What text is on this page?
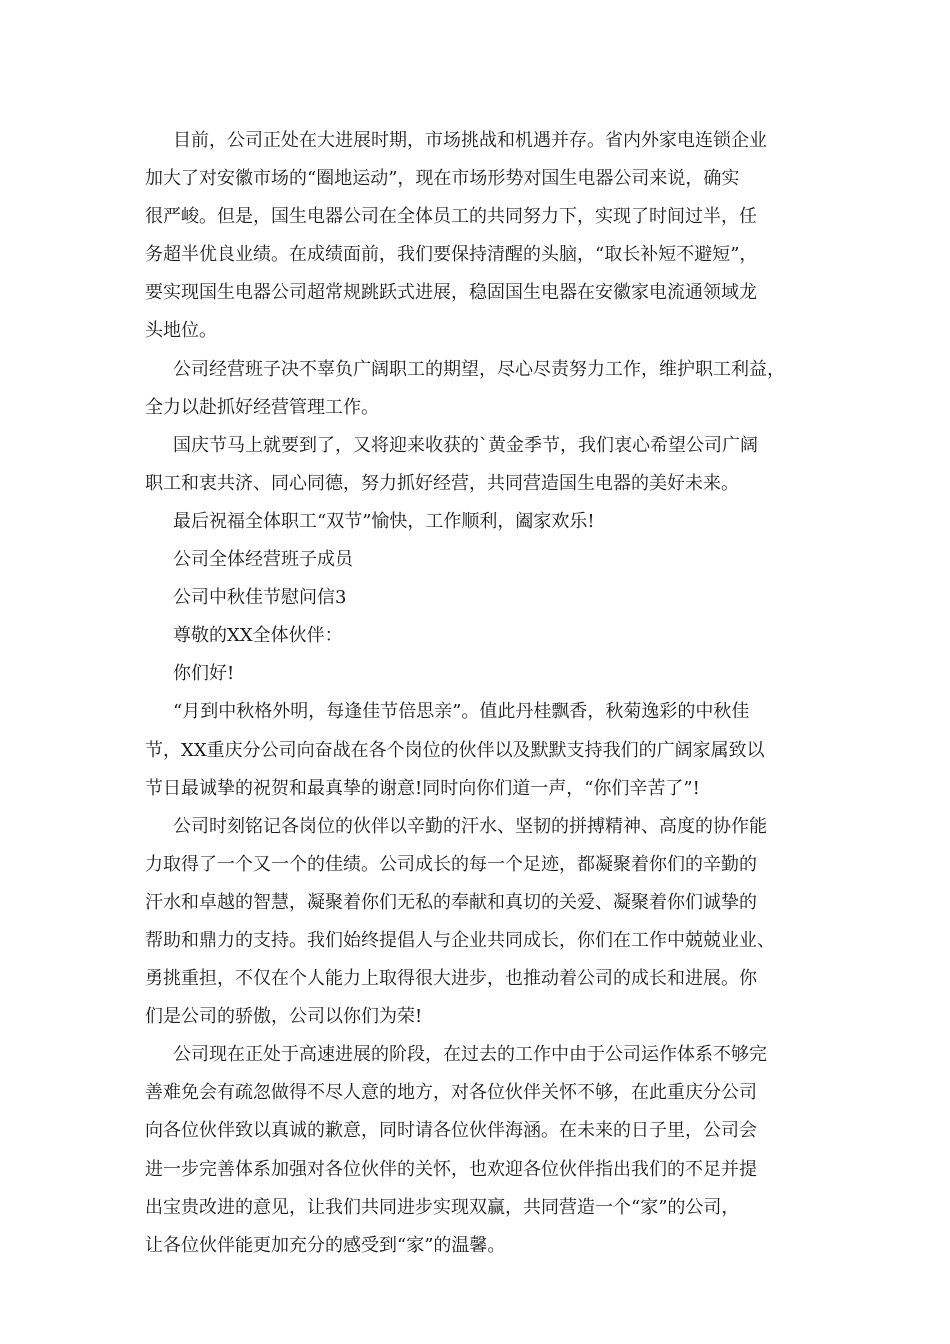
目前，公司正处在大进展时期，市场挑战和机遇并存。省内外家电连锁企业
加大了对安徽市场的“圈地运动”，现在市场形势对国生电器公司来说，确实
很严峻。但是，国生电器公司在全体员工的共同努力下，实现了时间过半，任
务超半优良业绩。在成绩面前，我们要保持清醒的头脑，“取长补短不避短”，
要实现国生电器公司超常规跳跃式进展，稳固国生电器在安徽家电流通领域龙
头地位。
公司经营班子决不辜负广阔职工的期望，尽心尽责努力工作，维护职工利益，
全力以赴抓好经营管理工作。
国庆节马上就要到了，又将迎来收获的`黄金季节，我们衷心希望公司广阔
职工和衷共济、同心同德，努力抓好经营，共同营造国生电器的美好未来。
最后祝福全体职工“双节”愉快，工作顺利，阖家欢乐!
公司全体经营班子成员
公司中秋佳节慰问信3
尊敬的XX全体伙伴：
你们好!
“月到中秋格外明，每逢佳节倍思亲”。值此丹桂飘香，秋菊逸彩的中秋佳
节，XX重庆分公司向奋战在各个岗位的伙伴以及默默支持我们的广阔家属致以
节日最诚挚的祝贺和最真挚的谢意!同时向你们道一声，“你们辛苦了”!
公司时刻铭记各岗位的伙伴以辛勤的汗水、坚韧的拼搏精神、高度的协作能
力取得了一个又一个的佳绩。公司成长的每一个足迹，都凝聚着你们的辛勤的
汗水和卓越的智慧，凝聚着你们无私的奉献和真切的关爱、凝聚着你们诚挚的
帮助和鼎力的支持。我们始终提倡人与企业共同成长，你们在工作中兢兢业业、
勇挑重担，不仅在个人能力上取得很大进步，也推动着公司的成长和进展。你
们是公司的骄傲，公司以你们为荣!
公司现在正处于高速进展的阶段，在过去的工作中由于公司运作体系不够完
善难免会有疏忽做得不尽人意的地方，对各位伙伴关怀不够，在此重庆分公司
向各位伙伴致以真诚的歉意，同时请各位伙伴海涵。在未来的日子里，公司会
进一步完善体系加强对各位伙伴的关怀，也欢迎各位伙伴指出我们的不足并提
出宝贵改进的意见，让我们共同进步实现双赢，共同营造一个“家”的公司，
让各位伙伴能更加充分的感受到“家”的温馨。
